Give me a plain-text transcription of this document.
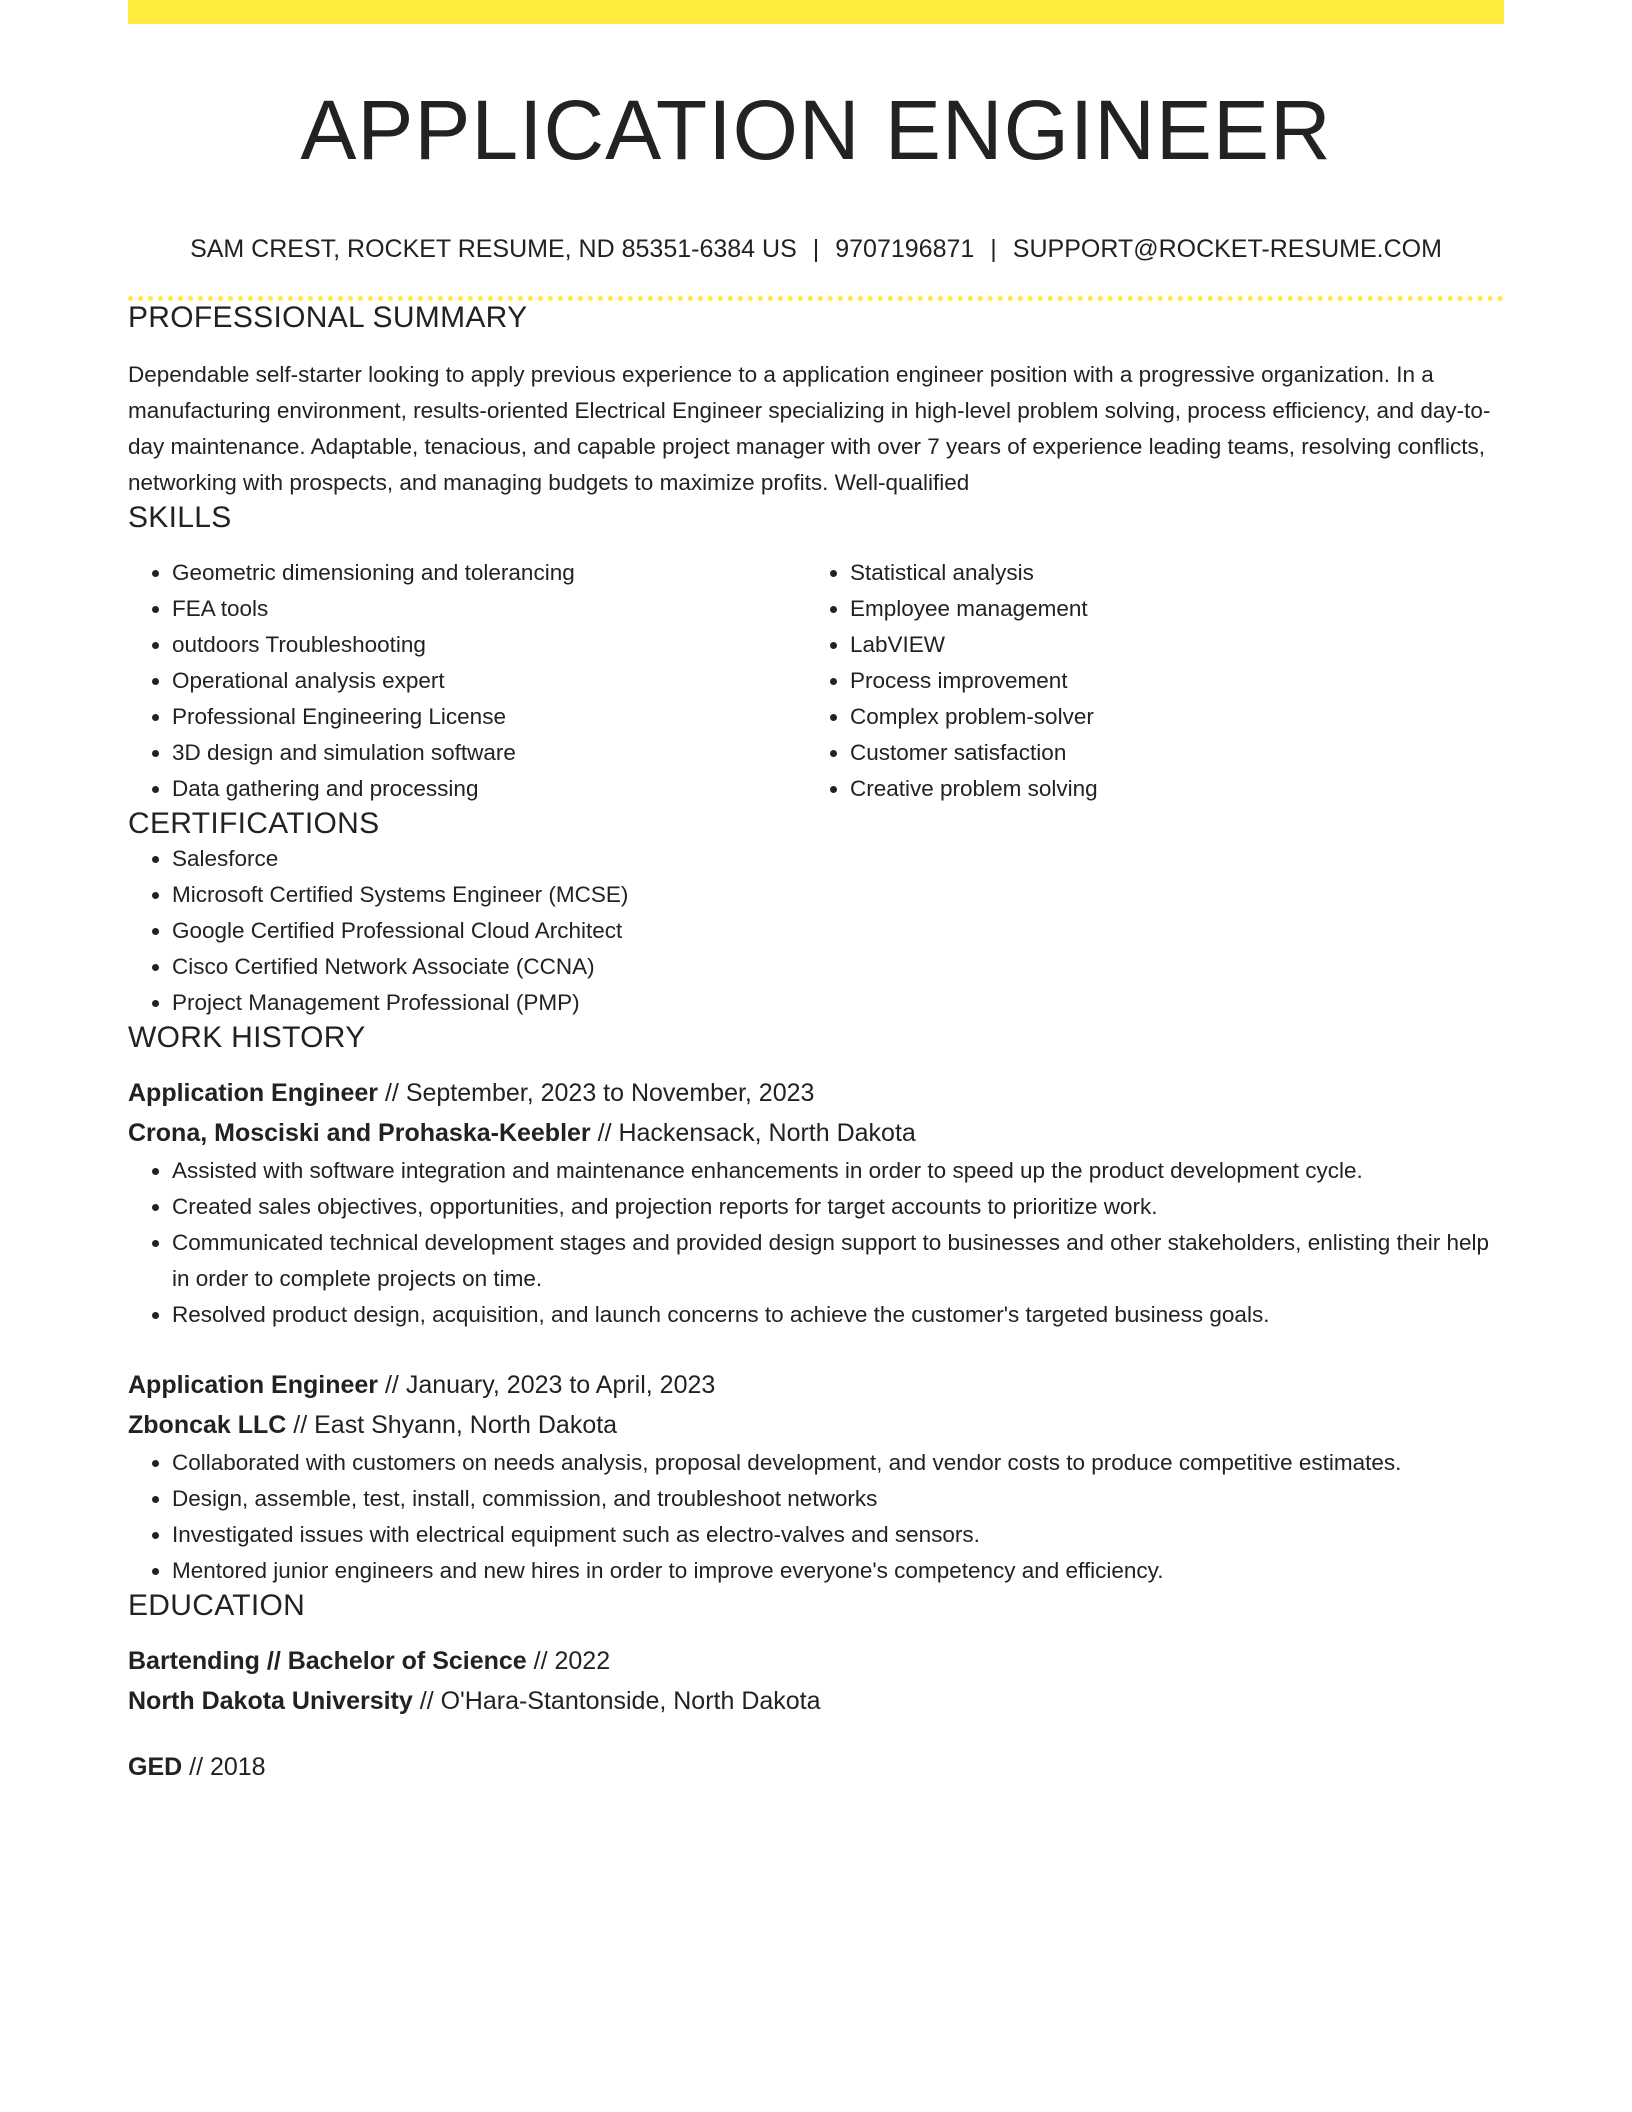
APPLICATION ENGINEER
SAM CREST, ROCKET RESUME, ND 85351-6384 US | 9707196871 | SUPPORT@ROCKET-RESUME.COM
PROFESSIONAL SUMMARY

Dependable self-starter looking to apply previous experience to a application engineer position with a progressive organization. In a manufacturing environment, results-oriented Electrical Engineer specializing in high-level problem solving, process efficiency, and day-to-day maintenance. Adaptable, tenacious, and capable project manager with over 7 years of experience leading teams, resolving conflicts, networking with prospects, and managing budgets to maximize profits. Well-qualified

SKILLS
• Geometric dimensioning and tolerancing
• FEA tools
• outdoors Troubleshooting
• Operational analysis expert
• Professional Engineering License
• 3D design and simulation software
• Data gathering and processing
• Statistical analysis
• Employee management
• LabVIEW
• Process improvement
• Complex problem-solver
• Customer satisfaction
• Creative problem solving
CERTIFICATIONS
• Salesforce
• Microsoft Certified Systems Engineer (MCSE)
• Google Certified Professional Cloud Architect
• Cisco Certified Network Associate (CCNA)
• Project Management Professional (PMP)
WORK HISTORY
Application Engineer // September, 2023 to November, 2023
Crona, Mosciski and Prohaska-Keebler // Hackensack, North Dakota
• Assisted with software integration and maintenance enhancements in order to speed up the product development cycle.
• Created sales objectives, opportunities, and projection reports for target accounts to prioritize work.
• Communicated technical development stages and provided design support to businesses and other stakeholders, enlisting their help in order to complete projects on time.
• Resolved product design, acquisition, and launch concerns to achieve the customer's targeted business goals.
Application Engineer // January, 2023 to April, 2023
Zboncak LLC // East Shyann, North Dakota
• Collaborated with customers on needs analysis, proposal development, and vendor costs to produce competitive estimates.
• Design, assemble, test, install, commission, and troubleshoot networks
• Investigated issues with electrical equipment such as electro-valves and sensors.
• Mentored junior engineers and new hires in order to improve everyone's competency and efficiency.
EDUCATION
Bartending // Bachelor of Science // 2022
North Dakota University // O'Hara-Stantonside, North Dakota
GED // 2018
